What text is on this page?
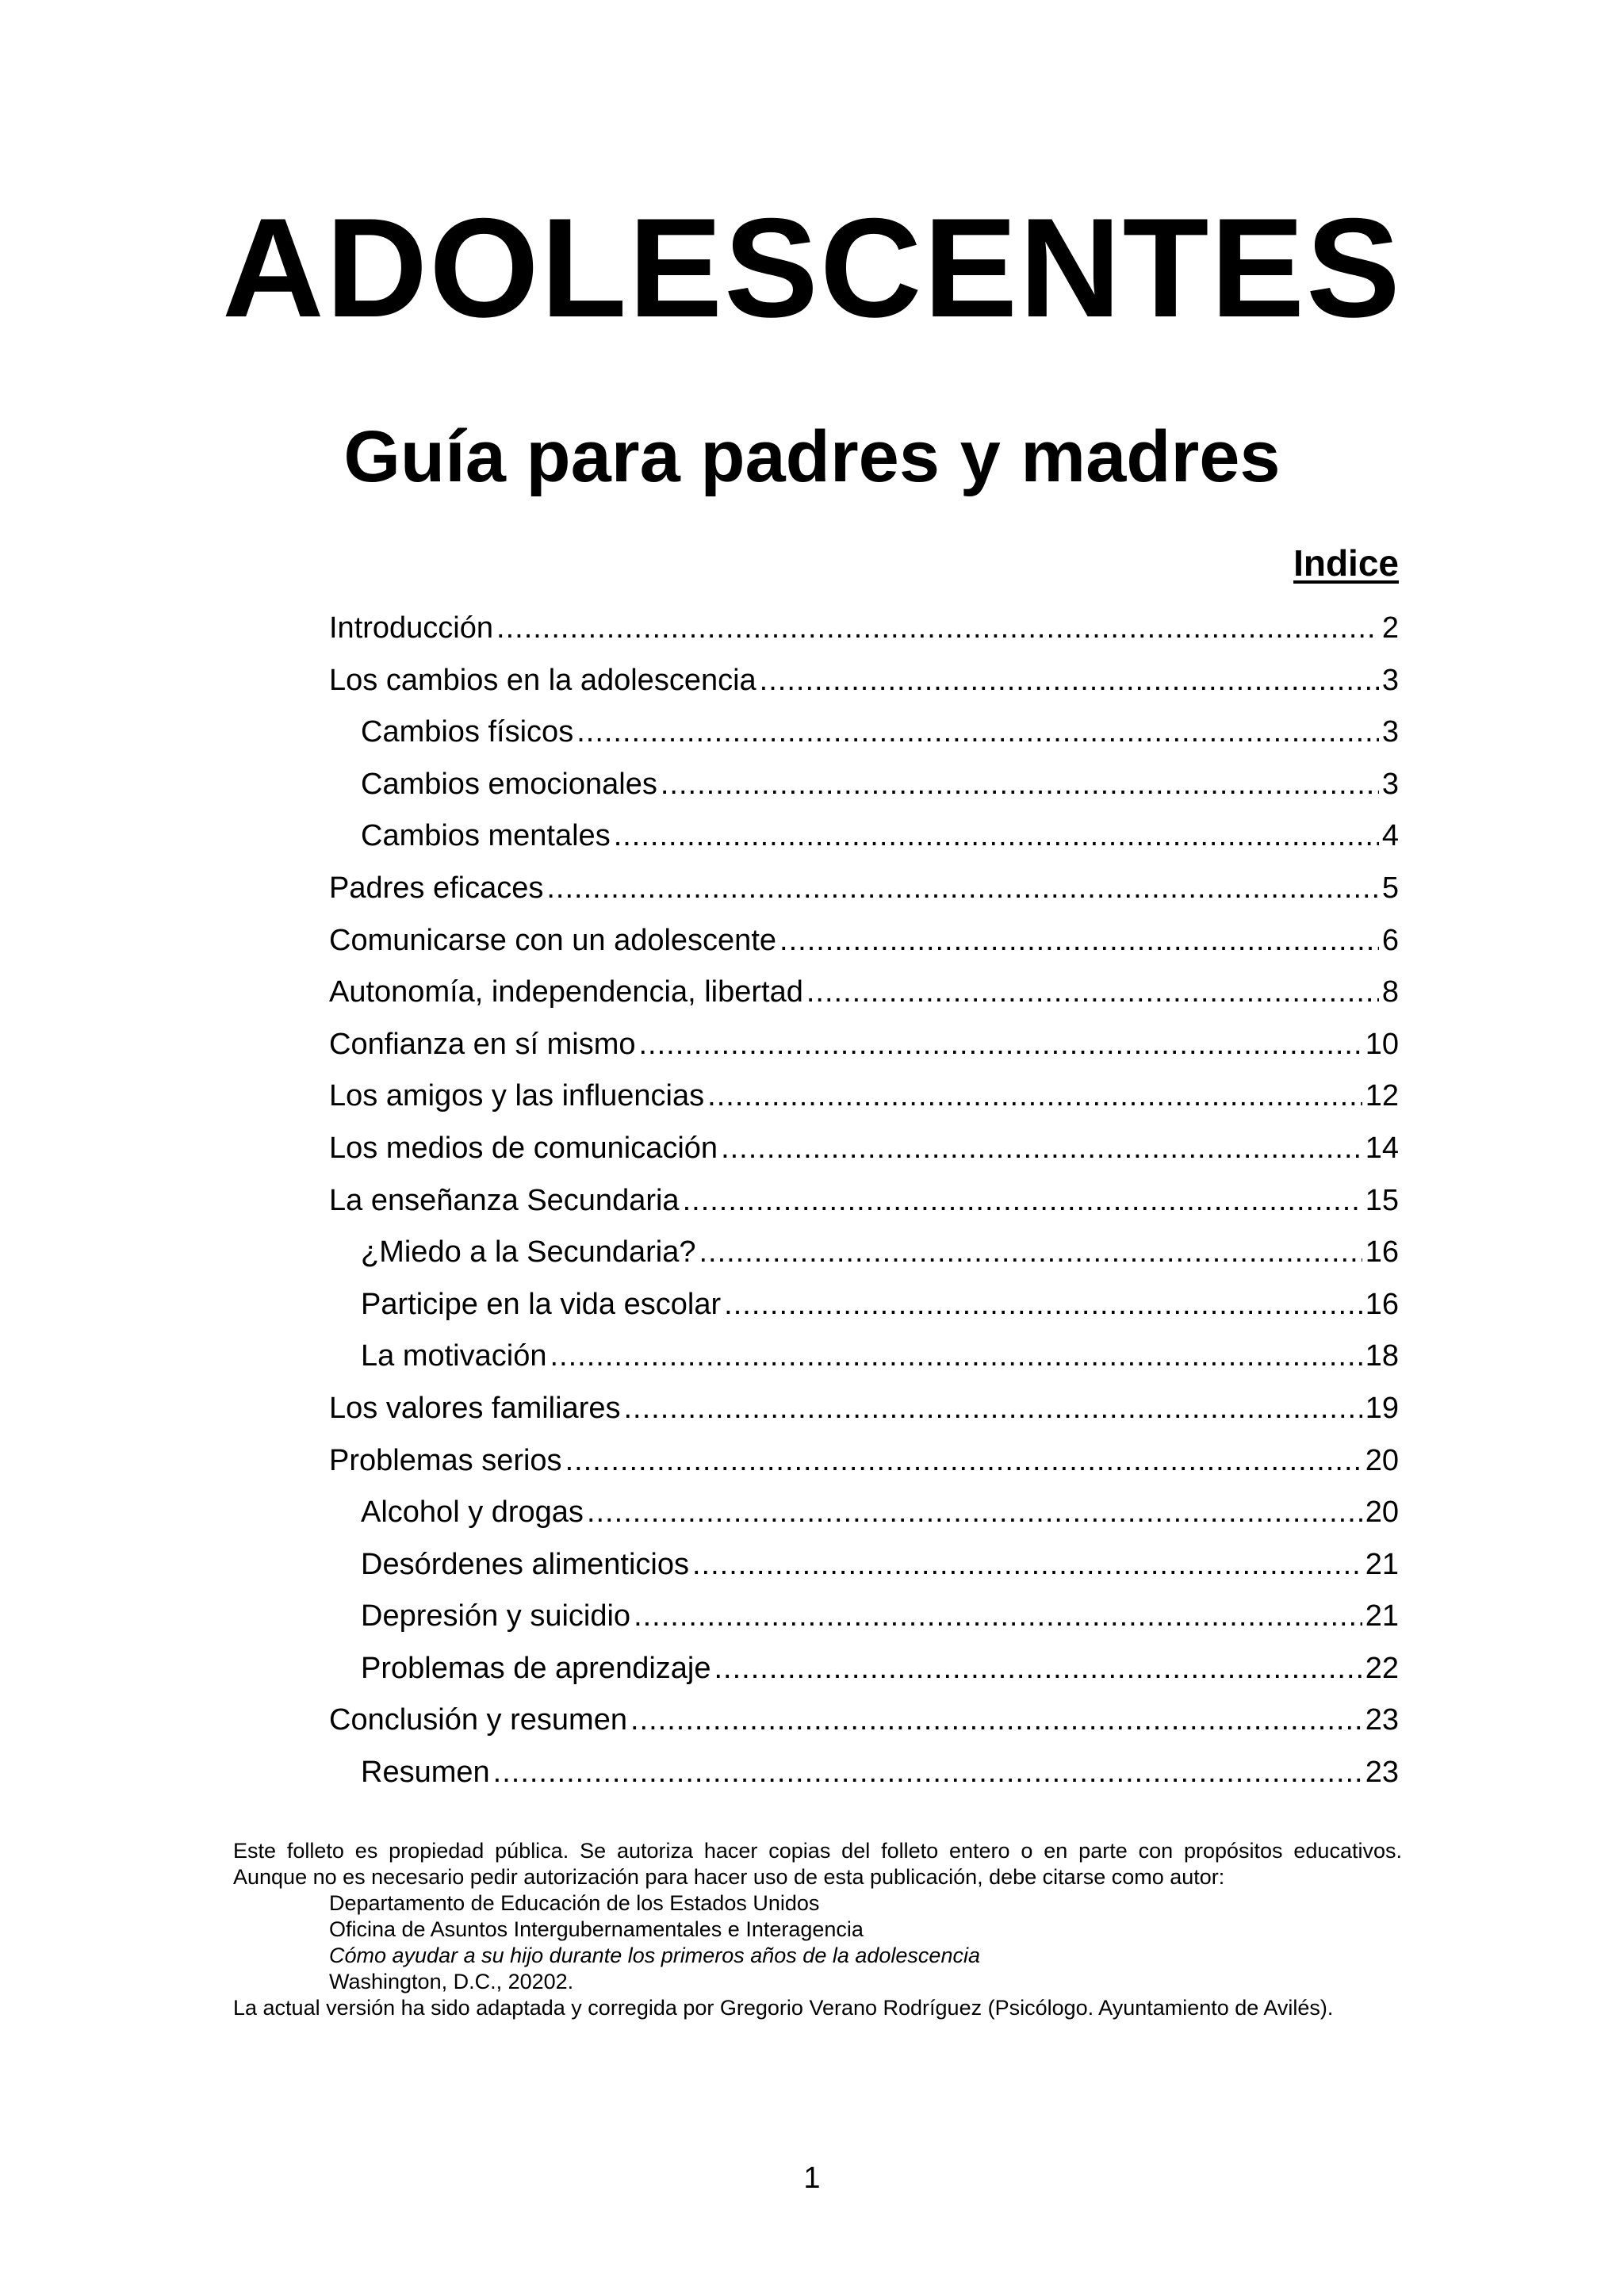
ADOLESCENTES
Guía para padres y madres
Indice
Introducción .....	2
Los cambios en la adolescencia .....	3
Cambios físicos .....	3
Cambios emocionales .....	3
Cambios mentales .....	4
Padres eficaces .....	5
Comunicarse con un adolescente .....	6
Autonomía, independencia, libertad .....	8
Confianza en sí mismo .....	10
Los amigos y las influencias .....	12
Los medios de comunicación .....	14
La enseñanza Secundaria .....	15
¿Miedo a la Secundaria? .....	16
Participe en la vida escolar .....	16
La motivación .....	18
Los valores familiares .....	19
Problemas serios .....	20
Alcohol y drogas .....	20
Desórdenes alimenticios .....	21
Depresión y suicidio .....	21
Problemas de aprendizaje .....	22
Conclusión y resumen .....	23
Resumen .....	23

Este folleto es propiedad pública. Se autoriza hacer copias del folleto entero o en parte con propósitos educativos.

Aunque no es necesario pedir autorización para hacer uso de esta publicación, debe citarse como autor:

Departamento de Educación de los Estados Unidos

Oficina de Asuntos Intergubernamentales e Interagencia

Cómo ayudar a su hijo durante los primeros años de la adolescencia

Washington, D.C., 20202.

La actual versión ha sido adaptada y corregida por Gregorio Verano Rodríguez (Psicólogo. Ayuntamiento de Avilés).

1
